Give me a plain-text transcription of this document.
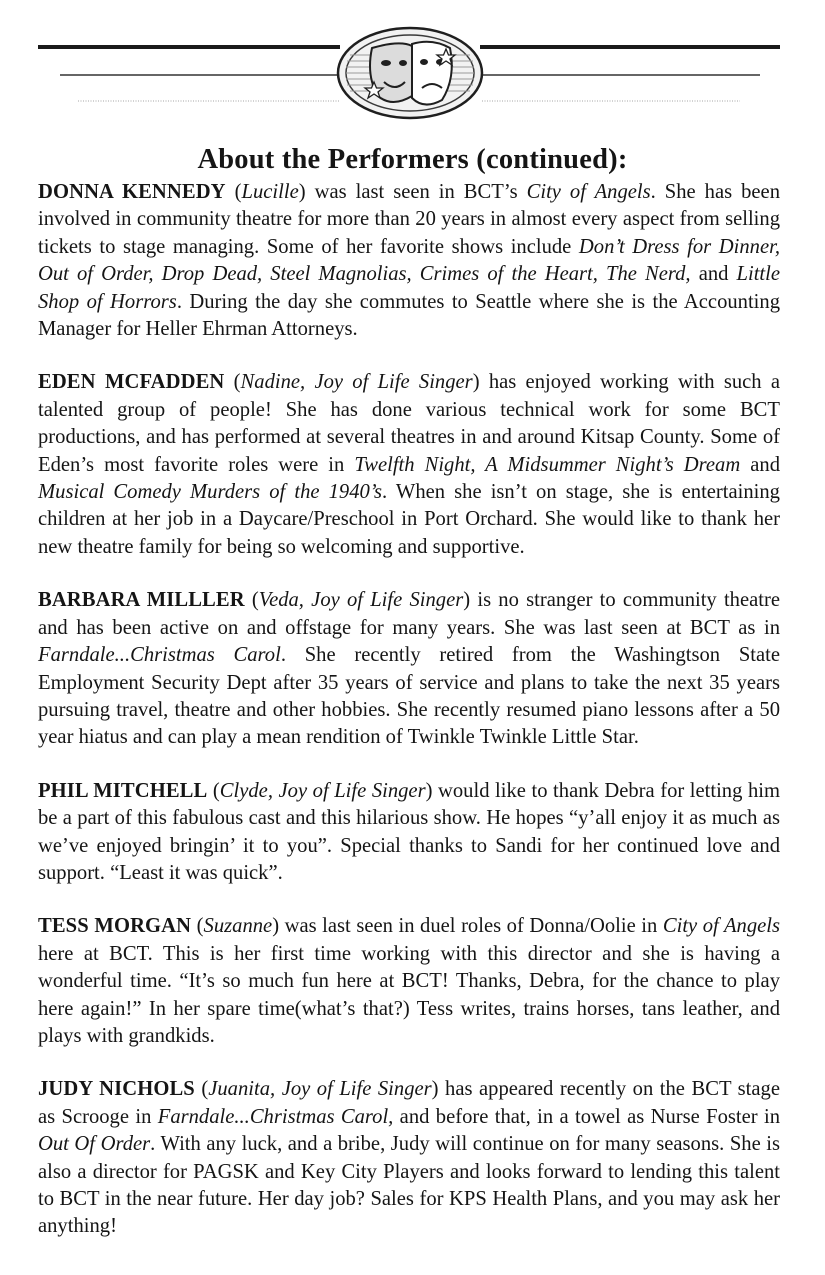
About the Performers (continued):

DONNA KENNEDY (Lucille) was last seen in BCT’s City of Angels. She has been involved in community theatre for more than 20 years in almost every aspect from selling tickets to stage managing. Some of her favorite shows include Don’t Dress for Dinner, Out of Order, Drop Dead, Steel Magnolias, Crimes of the Heart, The Nerd, and Little Shop of Horrors. During the day she commutes to Seattle where she is the Accounting Manager for Heller Ehrman Attorneys.

EDEN MCFADDEN (Nadine, Joy of Life Singer) has enjoyed working with such a talented group of people! She has done various technical work for some BCT productions, and has performed at several theatres in and around Kitsap County. Some of Eden’s most favorite roles were in Twelfth Night, A Midsummer Night’s Dream and Musical Comedy Murders of the 1940’s. When she isn’t on stage, she is entertaining children at her job in a Daycare/Preschool in Port Orchard. She would like to thank her new theatre family for being so welcoming and supportive.

BARBARA MILLLER (Veda, Joy of Life Singer) is no stranger to community theatre and has been active on and offstage for many years. She was last seen at BCT as in Farndale...Christmas Carol. She recently retired from the Washingtson State Employment Security Dept after 35 years of service and plans to take the next 35 years pursuing travel, theatre and other hobbies. She recently resumed piano lessons after a 50 year hiatus and can play a mean rendition of Twinkle Twinkle Little Star.

PHIL MITCHELL (Clyde, Joy of Life Singer) would like to thank Debra for letting him be a part of this fabulous cast and this hilarious show. He hopes “y’all enjoy it as much as we’ve enjoyed bringin’ it to you”. Special thanks to Sandi for her continued love and support. “Least it was quick”.

TESS MORGAN (Suzanne) was last seen in duel roles of Donna/Oolie in City of Angels here at BCT. This is her first time working with this director and she is having a wonderful time. “It’s so much fun here at BCT! Thanks, Debra, for the chance to play here again!” In her spare time(what’s that?) Tess writes, trains horses, tans leather, and plays with grandkids.

JUDY NICHOLS (Juanita, Joy of Life Singer) has appeared recently on the BCT stage as Scrooge in Farndale...Christmas Carol, and before that, in a towel as Nurse Foster in Out Of Order. With any luck, and a bribe, Judy will continue on for many seasons. She is also a director for PAGSK and Key City Players and looks forward to lending this talent to BCT in the near future. Her day job? Sales for KPS Health Plans, and you may ask her anything!
